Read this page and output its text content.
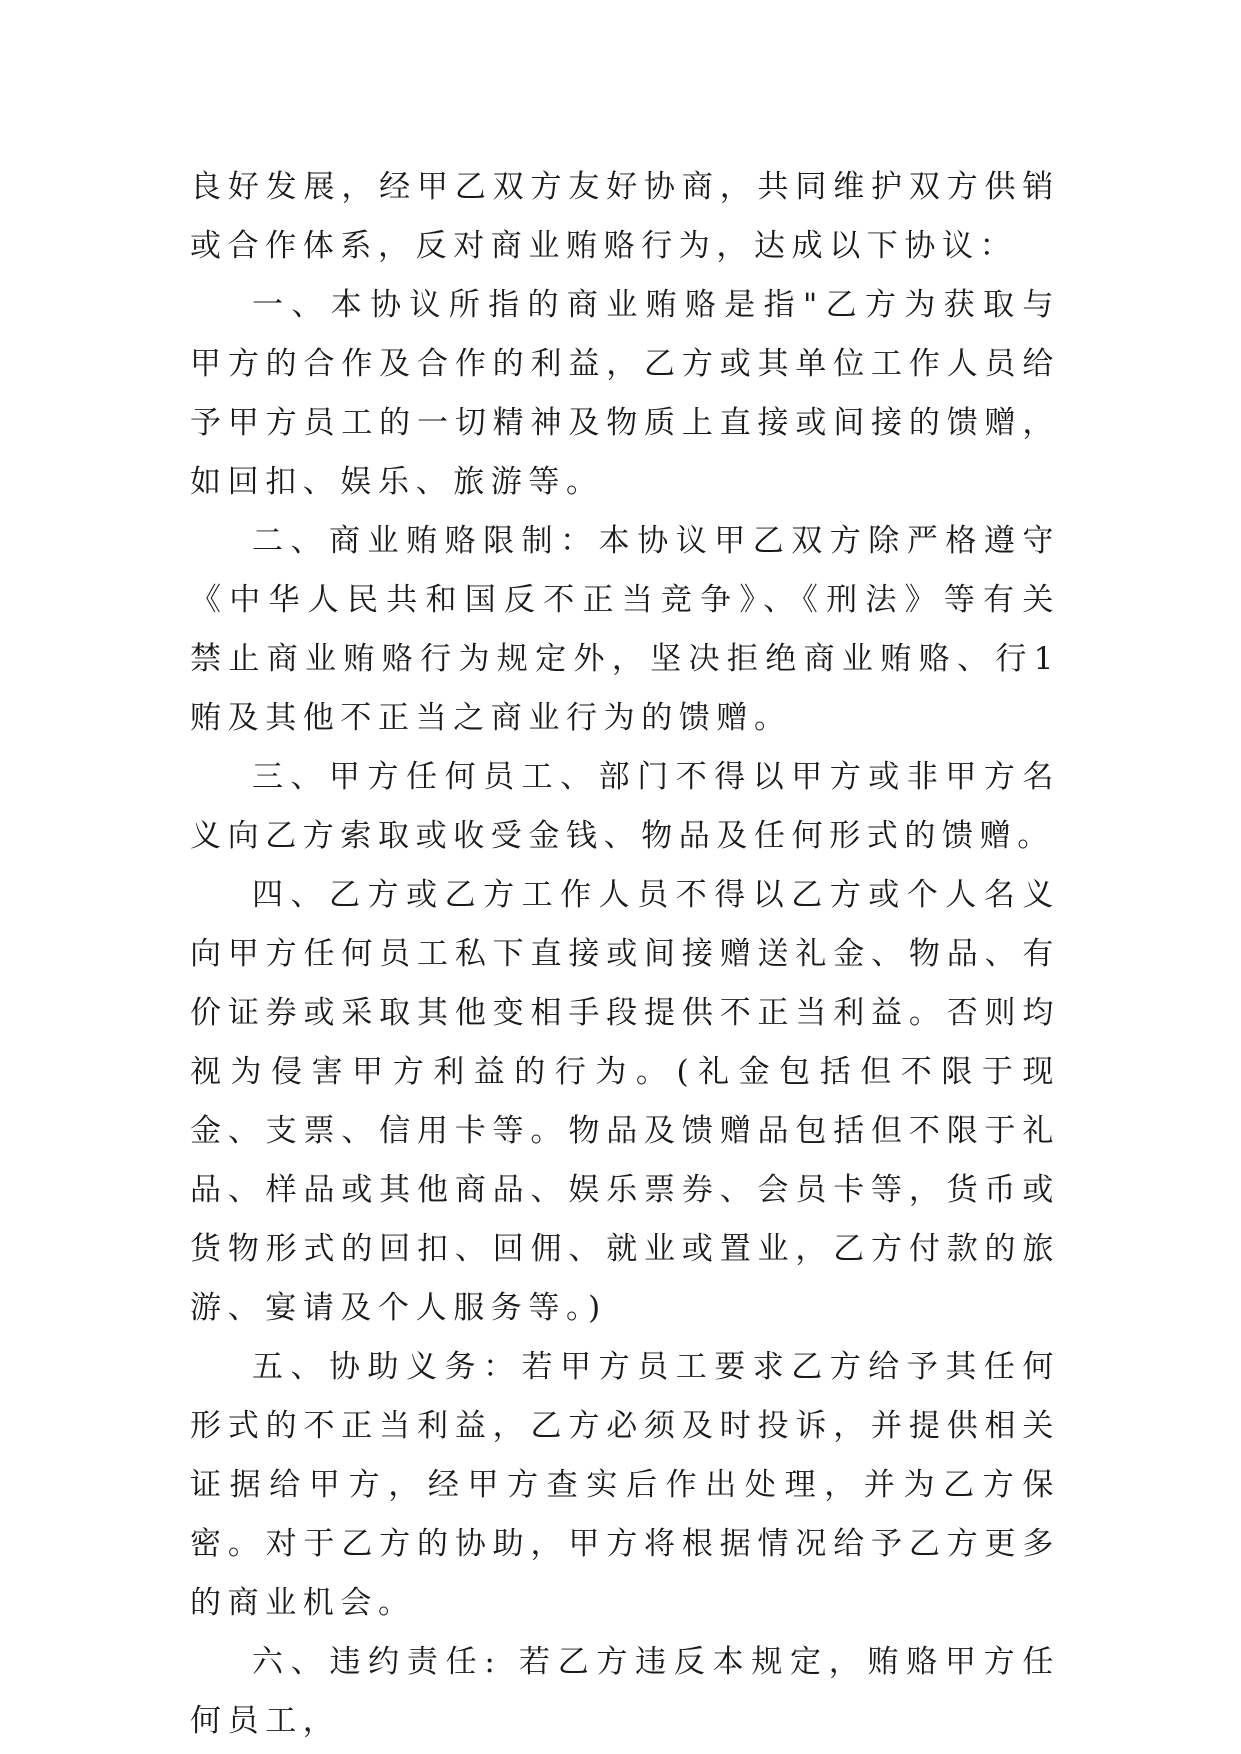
良好发展，经甲乙双方友好协商，共同维护双方供销或合作体系，反对商业贿赂行为，达成以下协议：

一、本协议所指的商业贿赂是指"乙方为获取与甲方的合作及合作的利益，乙方或其单位工作人员给予甲方员工的一切精神及物质上直接或间接的馈赠，如回扣、娱乐、旅游等。

二、商业贿赂限制：本协议甲乙双方除严格遵守《中华人民共和国反不正当竞争》、《刑法》等有关禁止商业贿赂行为规定外，坚决拒绝商业贿赂、行1贿及其他不正当之商业行为的馈赠。

三、甲方任何员工、部门不得以甲方或非甲方名义向乙方索取或收受金钱、物品及任何形式的馈赠。

四、乙方或乙方工作人员不得以乙方或个人名义向甲方任何员工私下直接或间接赠送礼金、物品、有价证券或采取其他变相手段提供不正当利益。否则均视为侵害甲方利益的行为。(礼金包括但不限于现金、支票、信用卡等。物品及馈赠品包括但不限于礼品、样品或其他商品、娱乐票券、会员卡等，货币或货物形式的回扣、回佣、就业或置业，乙方付款的旅游、宴请及个人服务等。)

五、协助义务：若甲方员工要求乙方给予其任何形式的不正当利益，乙方必须及时投诉，并提供相关证据给甲方，经甲方查实后作出处理，并为乙方保密。对于乙方的协助，甲方将根据情况给予乙方更多的商业机会。

六、违约责任: 若乙方违反本规定，贿赂甲方任何员工，
